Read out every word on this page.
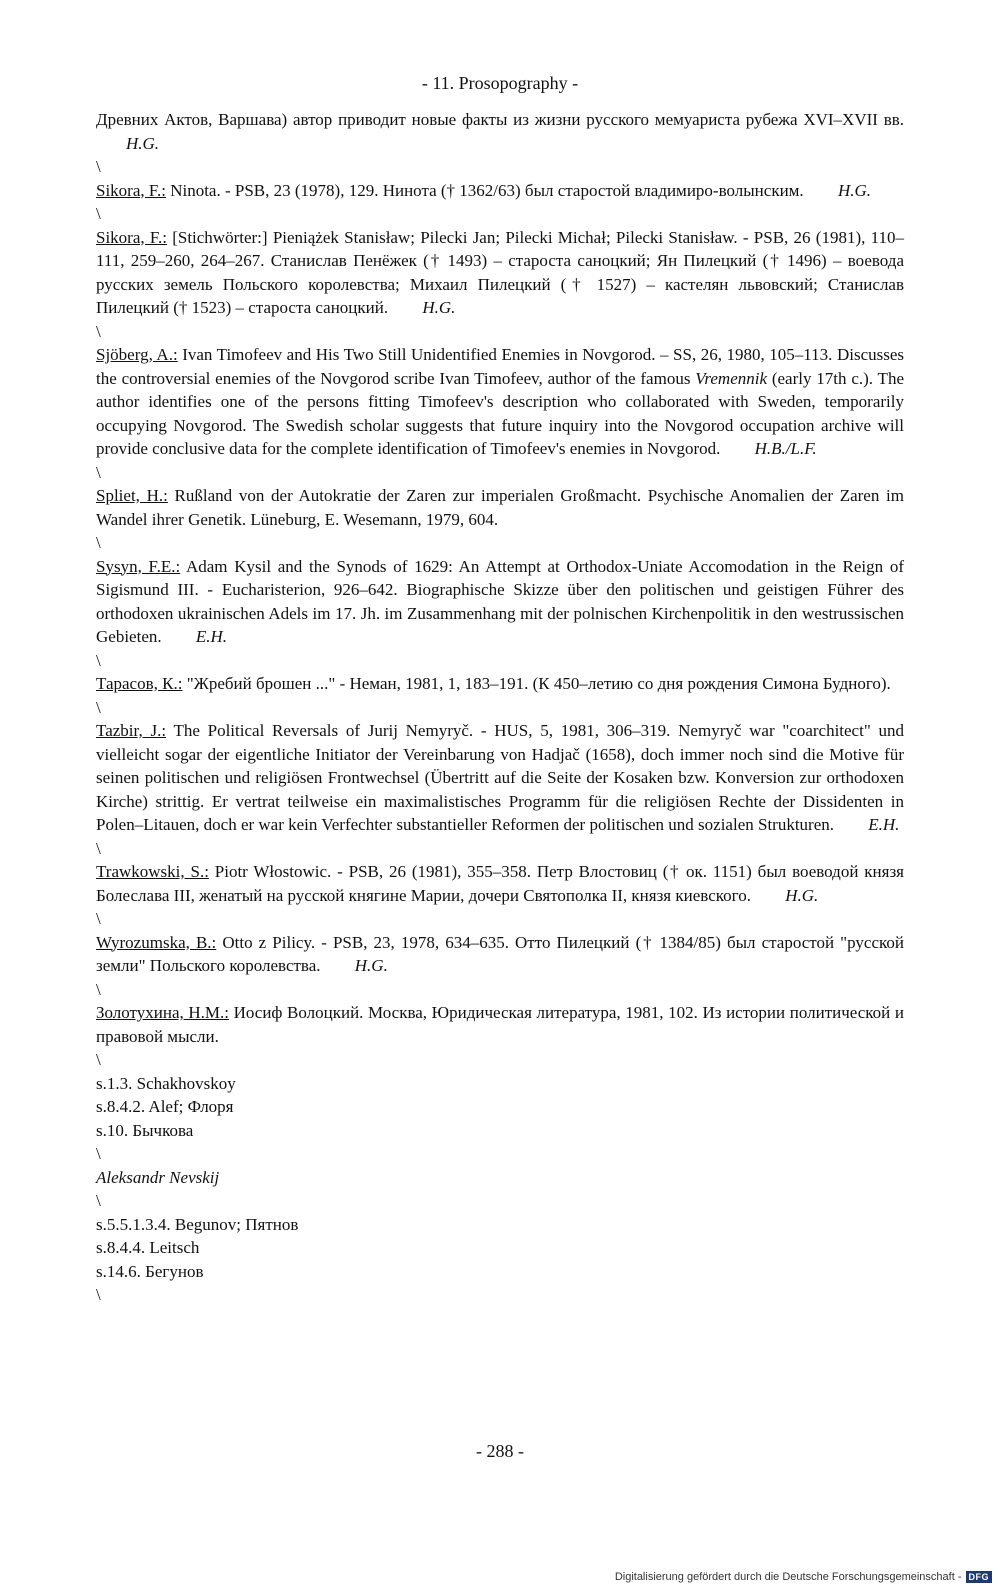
- 11. Prosopography -

Древних Актов, Варшава) автор приводит новые факты из жизни русского мемуариста рубежа XVI–XVII вв. H.G.

\

Sikora, F.: Ninota. - PSB, 23 (1978), 129. Нинота († 1362/63) был старостой владимиро-волынским. H.G.

\

Sikora, F.: [Stichwörter:] Pieniążek Stanisław; Pilecki Jan; Pilecki Michał; Pilecki Stanisław. - PSB, 26 (1981), 110–111, 259–260, 264–267. Станислав Пенёжек († 1493) – староста саноцкий; Ян Пилецкий († 1496) – воевода русских земель Польского королевства; Михаил Пилецкий († 1527) – кастелян львовский; Станислав Пилецкий († 1523) – староста саноцкий. H.G.

\

Sjöberg, A.: Ivan Timofeev and His Two Still Unidentified Enemies in Novgorod. – SS, 26, 1980, 105–113. Discusses the controversial enemies of the Novgorod scribe Ivan Timofeev, author of the famous Vremennik (early 17th c.). The author identifies one of the persons fitting Timofeev's description who collaborated with Sweden, temporarily occupying Novgorod. The Swedish scholar suggests that future inquiry into the Novgorod occupation archive will provide conclusive data for the complete identification of Timofeev's enemies in Novgorod. H.B./L.F.

\

Spliet, H.: Rußland von der Autokratie der Zaren zur imperialen Großmacht. Psychische Anomalien der Zaren im Wandel ihrer Genetik. Lüneburg, E. Wesemann, 1979, 604.

\

Sysyn, F.E.: Adam Kysil and the Synods of 1629: An Attempt at Orthodox-Uniate Accomodation in the Reign of Sigismund III. - Eucharisterion, 926–642. Biographische Skizze über den politischen und geistigen Führer des orthodoxen ukrainischen Adels im 17. Jh. im Zusammenhang mit der polnischen Kirchenpolitik in den westrussischen Gebieten. E.H.

\

Тарасов, К.: "Жребий брошен ..." - Неман, 1981, 1, 183–191. (К 450–летию со дня рождения Симона Будного).

\

Tazbir, J.: The Political Reversals of Jurij Nemyryč. - HUS, 5, 1981, 306–319. Nemyryč war "coarchitect" und vielleicht sogar der eigentliche Initiator der Vereinbarung von Hadjač (1658), doch immer noch sind die Motive für seinen politischen und religiösen Frontwechsel (Übertritt auf die Seite der Kosaken bzw. Konversion zur orthodoxen Kirche) strittig. Er vertrat teilweise ein maximalistisches Programm für die religiösen Rechte der Dissidenten in Polen–Litauen, doch er war kein Verfechter substantieller Reformen der politischen und sozialen Strukturen. E.H.

\

Trawkowski, S.: Piotr Włostowic. - PSB, 26 (1981), 355–358. Петр Влостовиц († ок. 1151) был воеводой князя Болеслава III, женатый на русской княгине Марии, дочери Святополка II, князя киевского. H.G.

\

Wyrozumska, B.: Otto z Pilicy. - PSB, 23, 1978, 634–635. Отто Пилецкий († 1384/85) был старостой "русской земли" Польского королевства. H.G.

\

Золотухина, Н.М.: Иосиф Волоцкий. Москва, Юридическая литература, 1981, 102. Из истории политической и правовой мысли.

\
s.1.3. Schakhovskoy
s.8.4.2. Alef; Флоря
s.10. Бычкова
\
Aleksandr Nevskij
\
s.5.5.1.3.4. Begunov; Пятнов
s.8.4.4. Leitsch
s.14.6. Бегунов
\
- 288 -
Digitalisierung gefördert durch die Deutsche Forschungsgemeinschaft - DFG
